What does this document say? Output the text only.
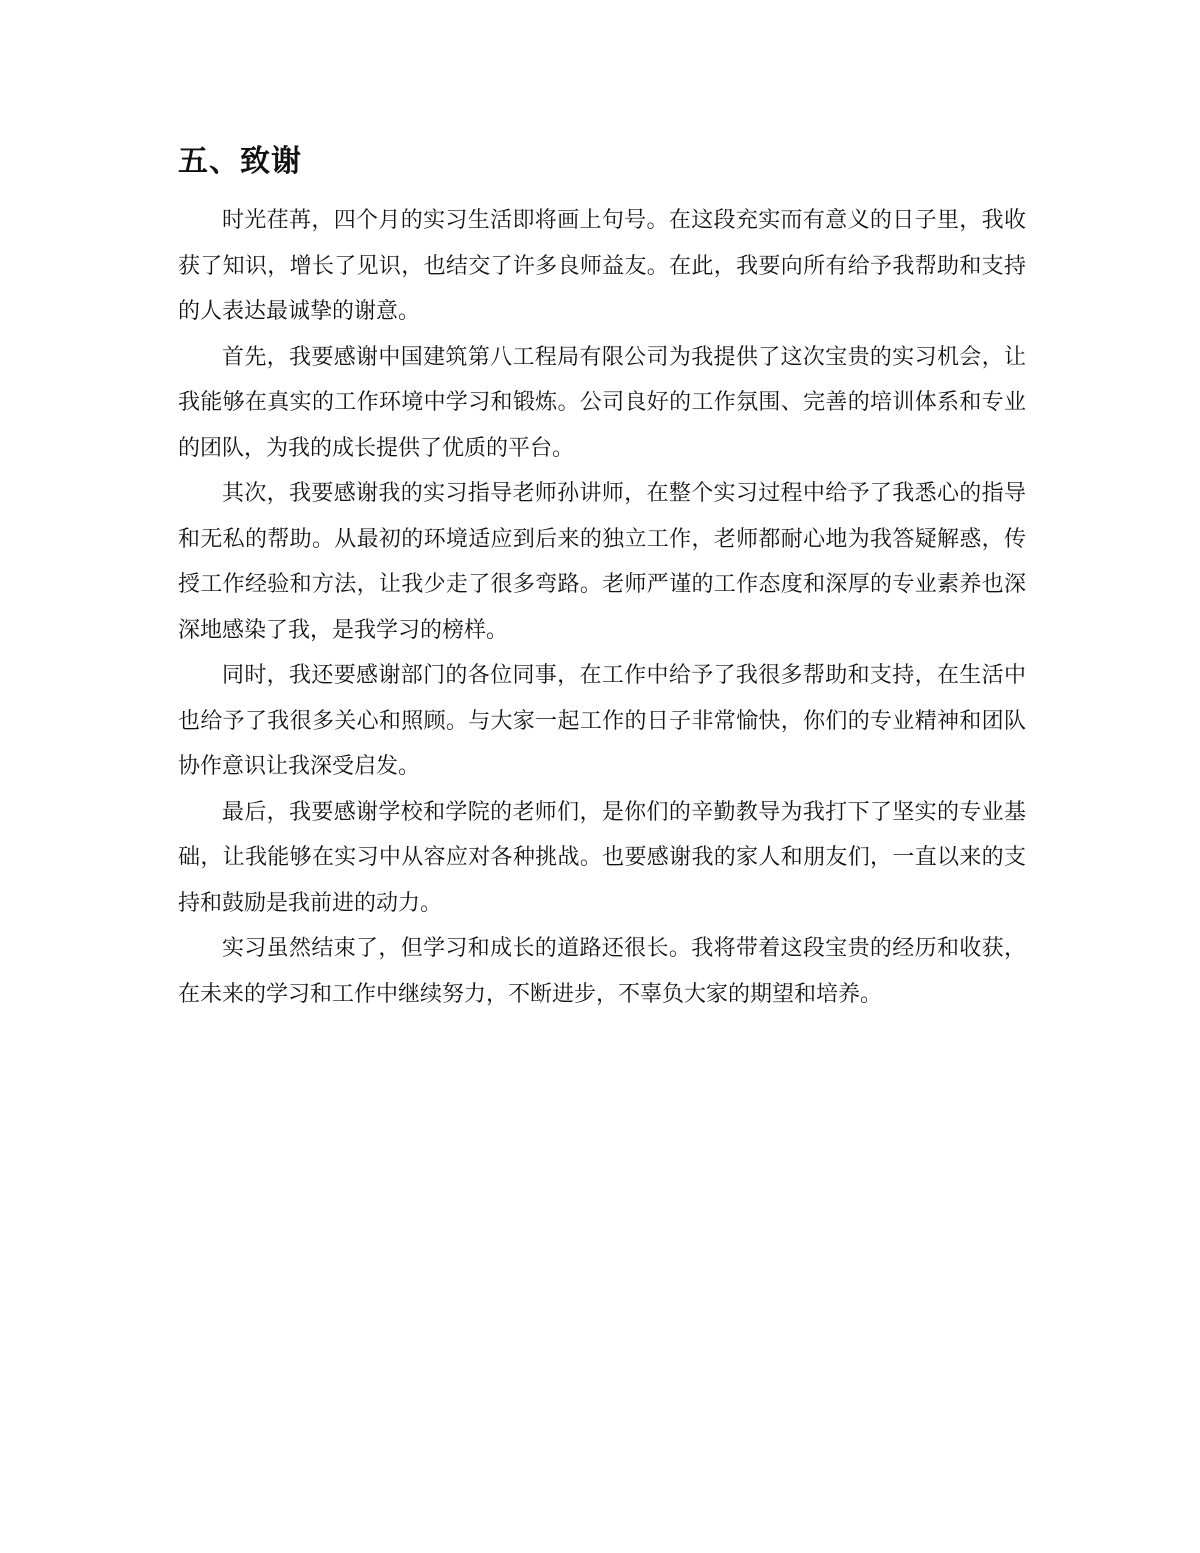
五、致谢

时光荏苒，四个月的实习生活即将画上句号。在这段充实而有意义的日子里，我收获了知识，增长了见识，也结交了许多良师益友。在此，我要向所有给予我帮助和支持的人表达最诚挚的谢意。

首先，我要感谢中国建筑第八工程局有限公司为我提供了这次宝贵的实习机会，让我能够在真实的工作环境中学习和锻炼。公司良好的工作氛围、完善的培训体系和专业的团队，为我的成长提供了优质的平台。

其次，我要感谢我的实习指导老师孙讲师，在整个实习过程中给予了我悉心的指导和无私的帮助。从最初的环境适应到后来的独立工作，老师都耐心地为我答疑解惑，传授工作经验和方法，让我少走了很多弯路。老师严谨的工作态度和深厚的专业素养也深深地感染了我，是我学习的榜样。

同时，我还要感谢部门的各位同事，在工作中给予了我很多帮助和支持，在生活中也给予了我很多关心和照顾。与大家一起工作的日子非常愉快，你们的专业精神和团队协作意识让我深受启发。

最后，我要感谢学校和学院的老师们，是你们的辛勤教导为我打下了坚实的专业基础，让我能够在实习中从容应对各种挑战。也要感谢我的家人和朋友们，一直以来的支持和鼓励是我前进的动力。

实习虽然结束了，但学习和成长的道路还很长。我将带着这段宝贵的经历和收获，在未来的学习和工作中继续努力，不断进步，不辜负大家的期望和培养。
